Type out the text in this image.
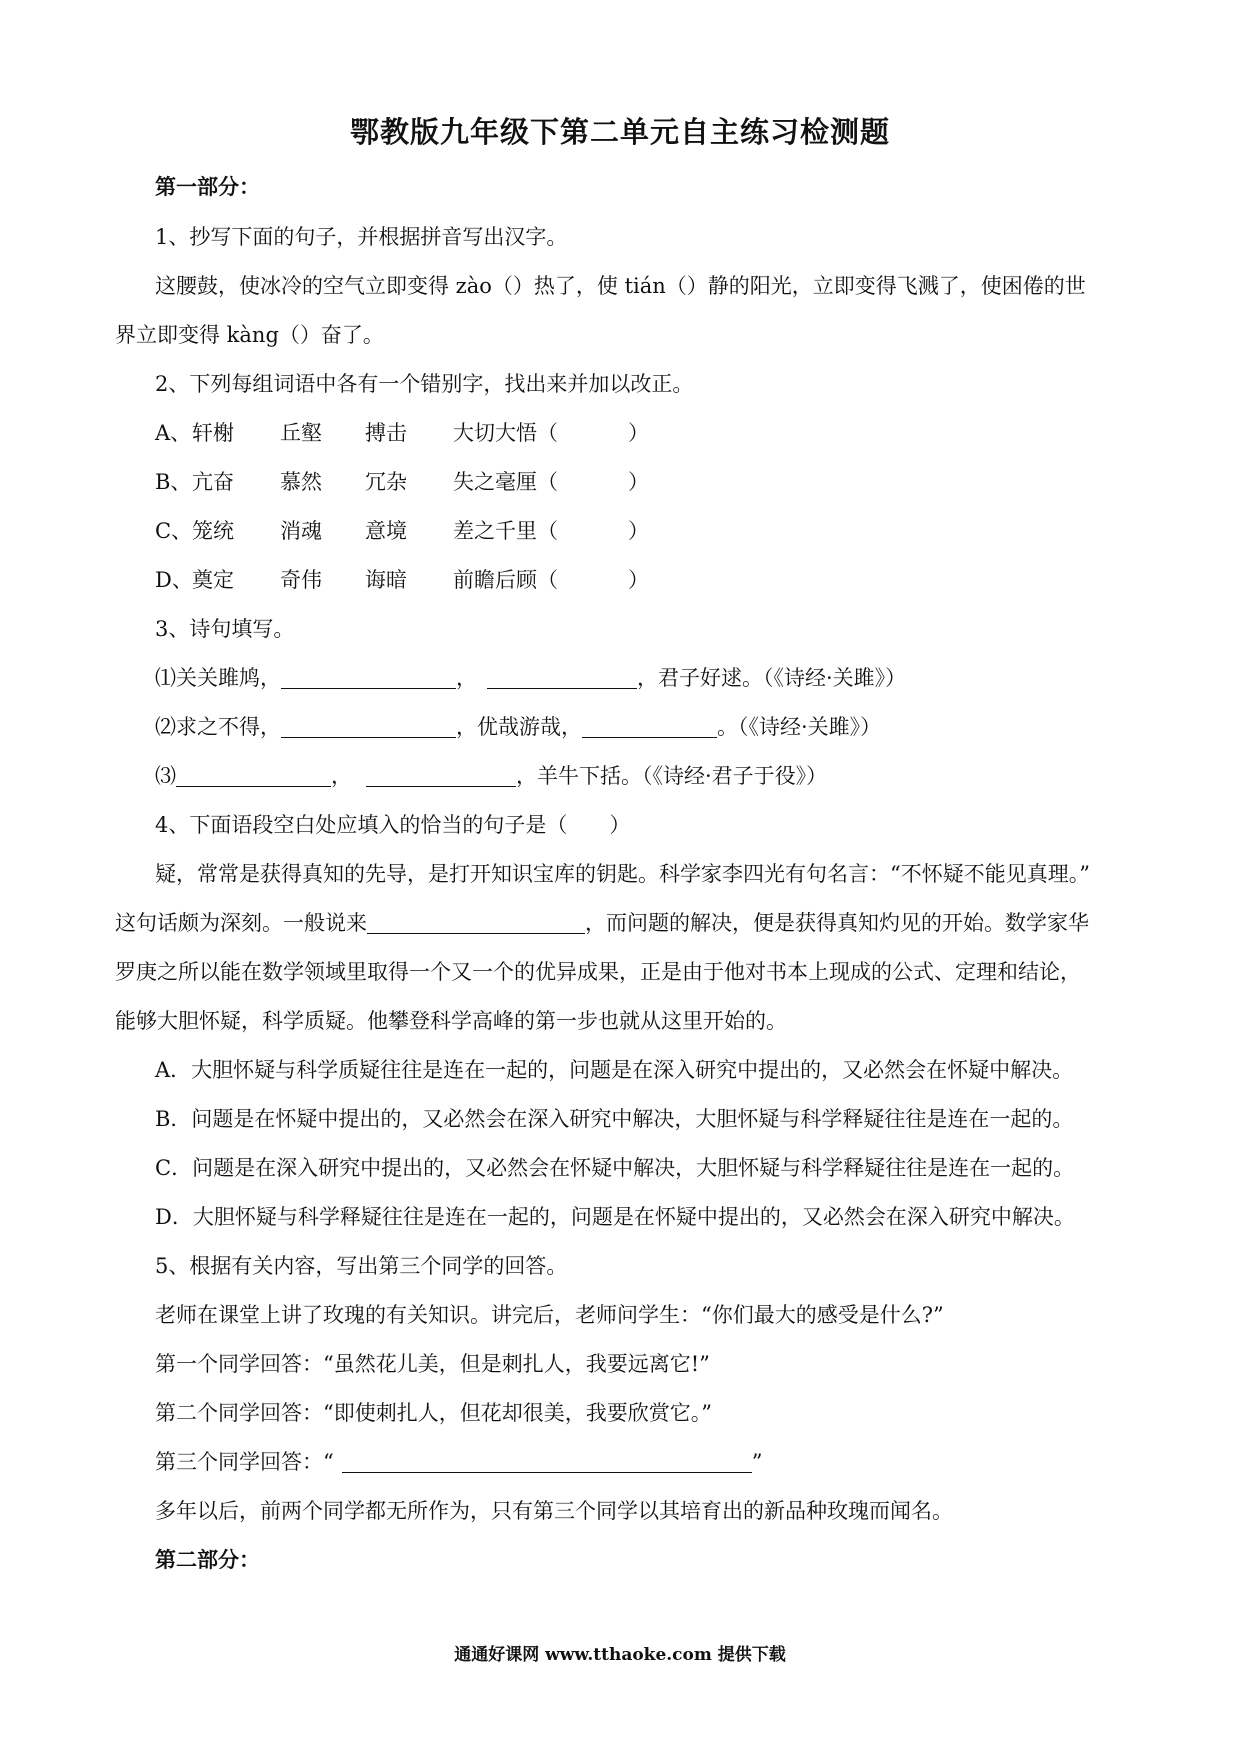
鄂教版九年级下第二单元自主练习检测题
第一部分：
1、抄写下面的句子，并根据拼音写出汉字。
这腰鼓，使冰冷的空气立即变得 zào（）热了，使 tián（）静的阳光，立即变得飞溅了，使困倦的世
界立即变得 kàng（）奋了。
2、下列每组词语中各有一个错别字，找出来并加以改正。
A、 轩榭 丘壑 搏击 大切大悟 （	）
B、 亢奋 慕然 冗杂 失之毫厘 （	）
C、 笼统 消魂 意境 差之千里 （	）
D、 奠定 奇伟 诲暗 前瞻后顾 （	）
3、诗句填写。
⑴关关雎鸠，	，	，君子好逑。（《诗经·关雎》）
⑵求之不得，	，优哉游哉，	。（《诗经·关雎》）
⑶	，	，羊牛下括。（《诗经·君子于役》）
4、下面语段空白处应填入的恰当的句子是（　　）
疑，常常是获得真知的先导，是打开知识宝库的钥匙。科学家李四光有句名言：“不怀疑不能见真理。”
这句话颇为深刻。一般说来	，而问题的解决，便是获得真知灼见的开始。数学家华
罗庚之所以能在数学领域里取得一个又一个的优异成果，正是由于他对书本上现成的公式、定理和结论，
能够大胆怀疑，科学质疑。他攀登科学高峰的第一步也就从这里开始的。
A．大胆怀疑与科学质疑往往是连在一起的，问题是在深入研究中提出的，又必然会在怀疑中解决。
B．问题是在怀疑中提出的，又必然会在深入研究中解决，大胆怀疑与科学释疑往往是连在一起的。
C．问题是在深入研究中提出的，又必然会在怀疑中解决，大胆怀疑与科学释疑往往是连在一起的。
D．大胆怀疑与科学释疑往往是连在一起的，问题是在怀疑中提出的，又必然会在深入研究中解决。
5、根据有关内容，写出第三个同学的回答。
老师在课堂上讲了玫瑰的有关知识。讲完后，老师问学生：“你们最大的感受是什么?”
第一个同学回答：“虽然花儿美，但是刺扎人，我要远离它!”
第二个同学回答：“即使刺扎人，但花却很美，我要欣赏它。”
第三个同学回答：“	”
多年以后，前两个同学都无所作为，只有第三个同学以其培育出的新品种玫瑰而闻名。
第二部分：
通通好课网 www.tthaoke.com 提供下载
